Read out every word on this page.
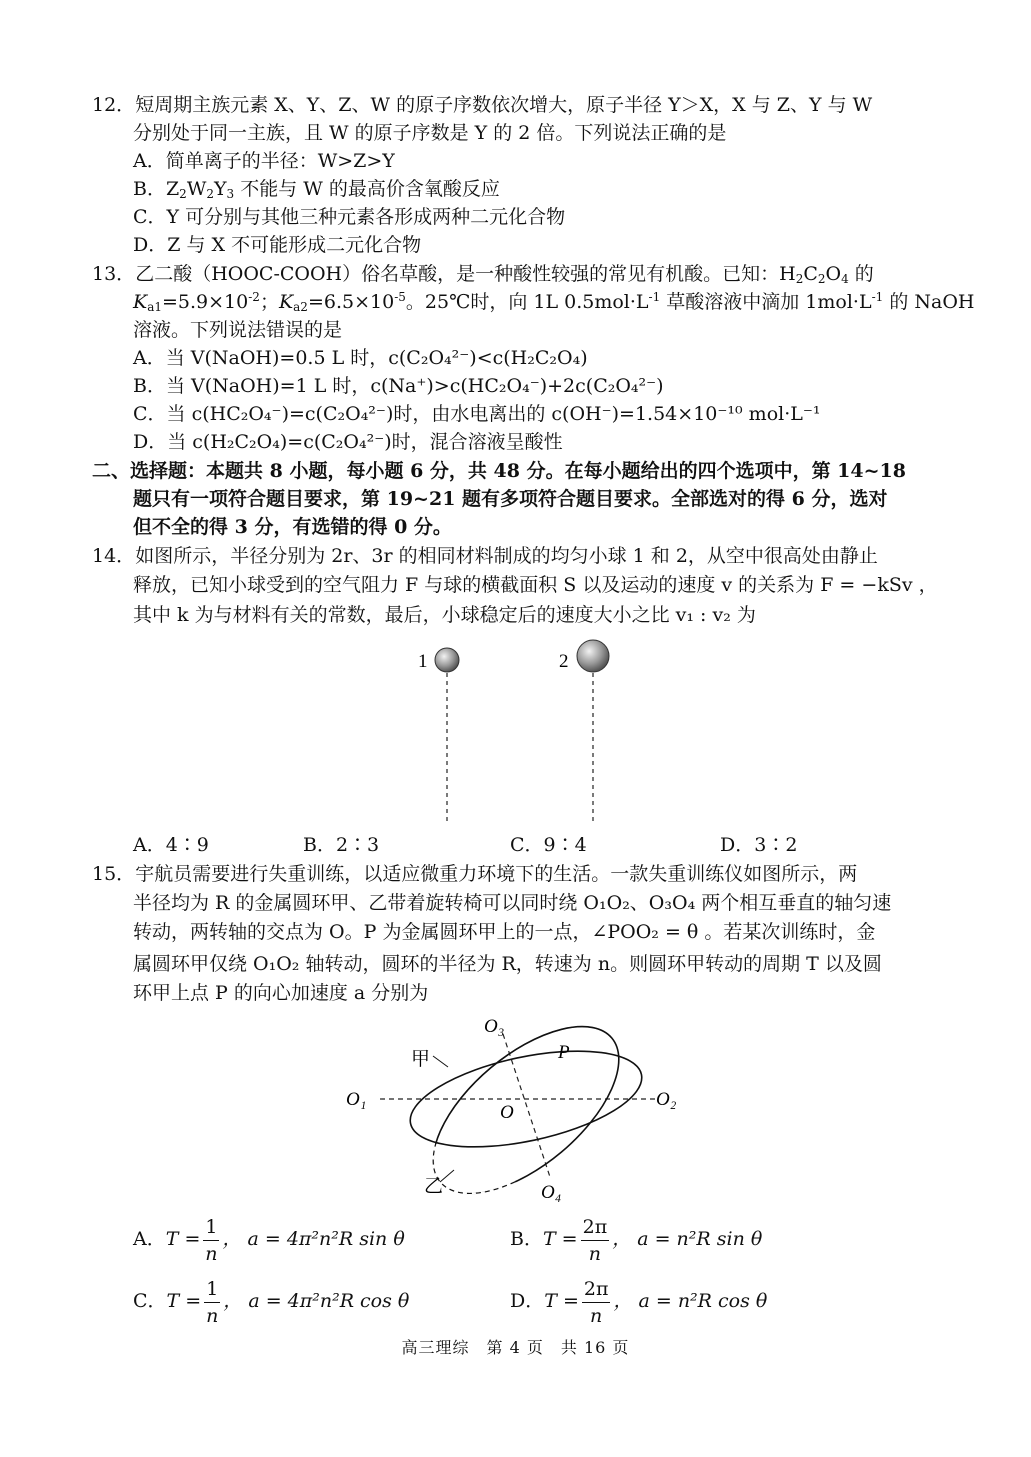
12．短周期主族元素 X、Y、Z、W 的原子序数依次增大，原子半径 Y＞X，X 与 Z、Y 与 W
分别处于同一主族，且 W 的原子序数是 Y 的 2 倍。下列说法正确的是
A．简单离子的半径：W>Z>Y
B．$Z_2W_2Y_3$ 不能与 W 的最高价含氧酸反应
C．Y 可分别与其他三种元素各形成两种二元化合物
D．Z 与 X 不可能形成二元化合物
13．乙二酸（HOOC-COOH）俗名草酸，是一种酸性较强的常见有机酸。已知：$H_2C_2O_4$ 的
$K_{a1}=5.9\times 10^{-2}$；$K_{a2}=6.5\times 10^{-5}$。25℃时，向 1L $0.5mol\cdot L^{-1}$ 草酸溶液中滴加 $1mol\cdot L^{-1}$ 的 NaOH
溶液。下列说法错误的是
A．当 V(NaOH)=0.5 L 时，c(C₂O₄²⁻)<c(H₂C₂O₄)
B．当 V(NaOH)=1 L 时，c(Na⁺)>c(HC₂O₄⁻)+2c(C₂O₄²⁻)
C．当 c(HC₂O₄⁻)=c(C₂O₄²⁻)时，由水电离出的 c(OH⁻)=1.54×10⁻¹⁰ mol·L⁻¹
D．当 c(H₂C₂O₄)=c(C₂O₄²⁻)时，混合溶液呈酸性
二、选择题：本题共 8 小题，每小题 6 分，共 48 分。在每小题给出的四个选项中，第 14~18
题只有一项符合题目要求，第 19~21 题有多项符合题目要求。全部选对的得 6 分，选对
但不全的得 3 分，有选错的得 0 分。
14．如图所示，半径分别为 2r、3r 的相同材料制成的均匀小球 1 和 2，从空中很高处由静止
释放，已知小球受到的空气阻力 F 与球的横截面积 S 以及运动的速度 v 的关系为 F = −kSv ，
其中 k 为与材料有关的常数，最后，小球稳定后的速度大小之比 v₁ : v₂ 为
1	2
A．4∶9	B．2∶3	C．9∶4	D．3∶2
15．宇航员需要进行失重训练，以适应微重力环境下的生活。一款失重训练仪如图所示，两
半径均为 R 的金属圆环甲、乙带着旋转椅可以同时绕 O₁O₂、O₃O₄ 两个相互垂直的轴匀速
转动，两转轴的交点为 O。P 为金属圆环甲上的一点，∠POO₂ = θ 。若某次训练时，金
属圆环甲仅绕 O₁O₂ 轴转动，圆环的半径为 R，转速为 n。则圆环甲转动的周期 T 以及圆
环甲上点 P 的向心加速度 a 分别为
O₁	O₂
O₃
O₄
O
P
甲
乙
A．$T = \frac{1}{n}$ ， a = 4π²n²R sin θ	B．$T = \frac{2\pi}{n}$ ， a = n²R sin θ
C．$T = \frac{1}{n}$ ， a = 4π²n²R cos θ	D．$T = \frac{2\pi}{n}$ ， a = n²R cos θ
高三理综　第 4 页　共 16 页
